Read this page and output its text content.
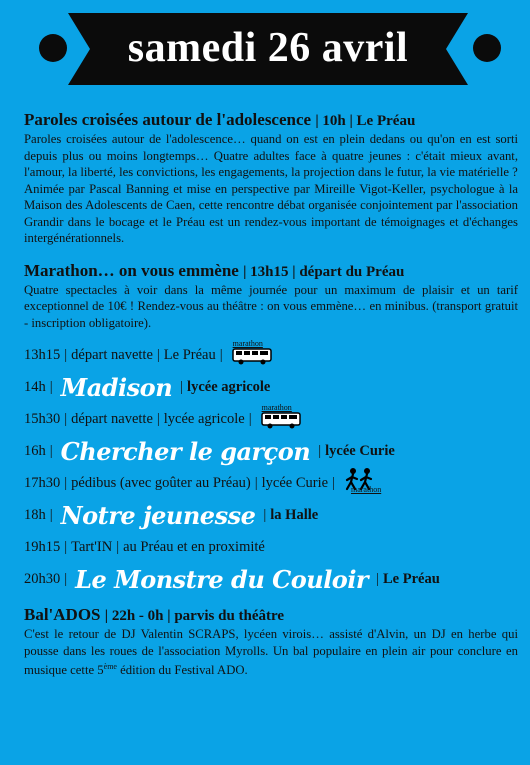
samedi 26 avril

Paroles croisées autour de l'adolescence | 10h | Le Préau

Paroles croisées autour de l'adolescence… quand on est en plein dedans ou qu'on en est sorti depuis plus ou moins longtemps… Quatre adultes face à quatre jeunes : c'était mieux avant, l'amour, la liberté, les convictions, les engagements, la projection dans le futur, la vie matérielle ?

Animée par Pascal Banning et mise en perspective par Mireille Vigot-Keller, psychologue à la Maison des Adolescents de Caen, cette rencontre débat organisée conjointement par l'association Grandir dans le bocage et le Préau est un rendez-vous important de témoignages et d'échanges intergénérationnels.

Marathon… on vous emmène | 13h15 | départ du Préau

Quatre spectacles à voir dans la même journée pour un maximum de plaisir et un tarif exceptionnel de 10€ ! Rendez-vous au théâtre : on vous emmène… en minibus. (transport gratuit - inscription obligatoire).

13h15 | départ navette | Le Préau |
marathon
14h | Madison | lycée agricole
15h30 | départ navette | lycée agricole |
marathon
16h | Chercher le garçon | lycée Curie
17h30 | pédibus (avec goûter au Préau) | lycée Curie | marathon
18h | Notre jeunesse | la Halle
19h15 | Tart'IN | au Préau et en proximité
20h30 | Le Monstre du Couloir | Le Préau

Bal'ADOS | 22h - 0h | parvis du théâtre

C'est le retour de DJ Valentin SCRAPS, lycéen virois… assisté d'Alvin, un DJ en herbe qui pousse dans les roues de l'association Myrolls. Un bal populaire en plein air pour conclure en musique cette 5ème édition du Festival ADO.
